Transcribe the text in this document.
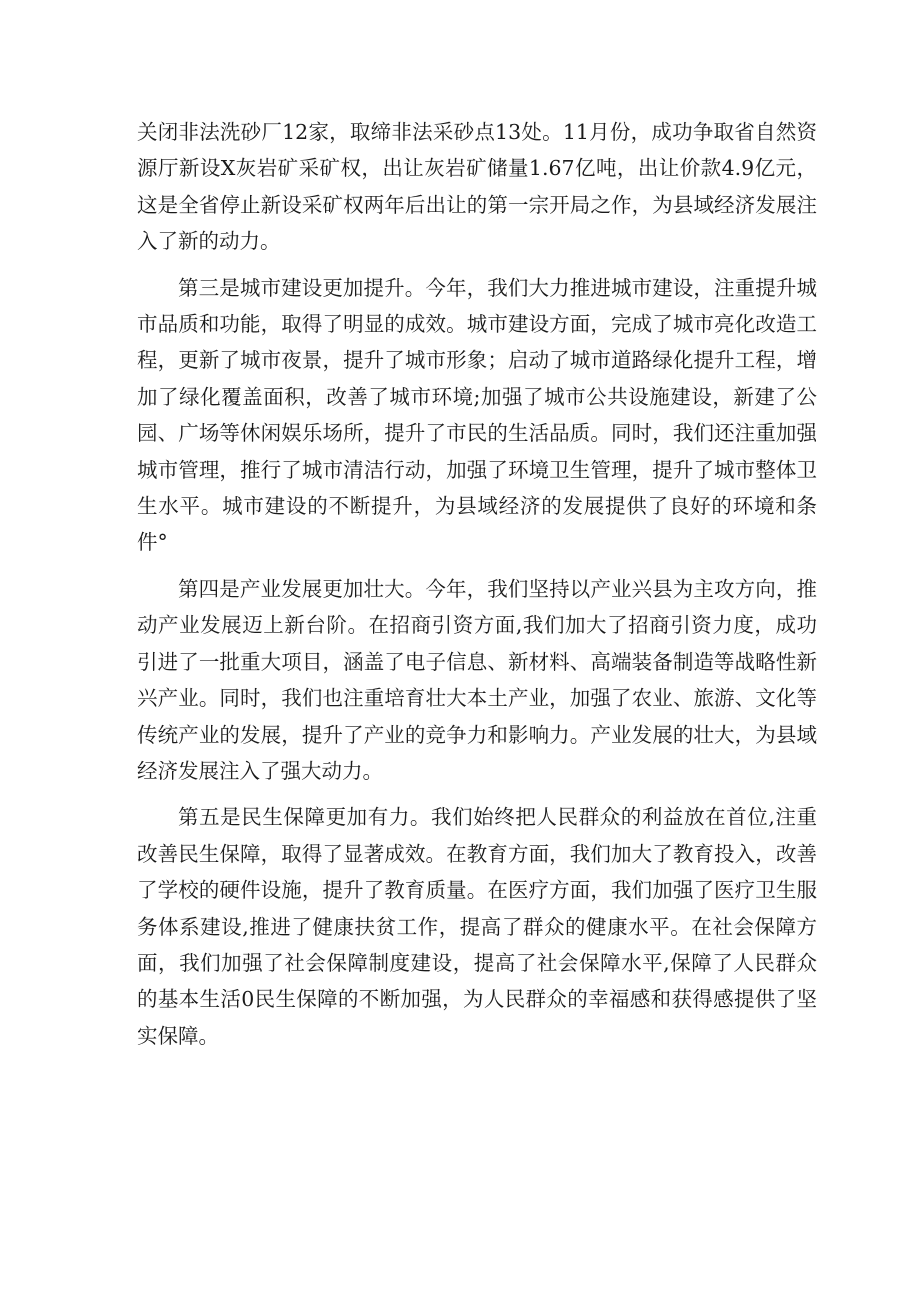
关闭非法洗砂厂12家，取缔非法采砂点13处。11月份，成功争取省自然资源厅新设X灰岩矿采矿权，出让灰岩矿储量1.67亿吨，出让价款4.9亿元，这是全省停止新设采矿权两年后出让的第一宗开局之作，为县域经济发展注入了新的动力。

第三是城市建设更加提升。今年，我们大力推进城市建设，注重提升城市品质和功能，取得了明显的成效。城市建设方面，完成了城市亮化改造工程，更新了城市夜景，提升了城市形象；启动了城市道路绿化提升工程，增加了绿化覆盖面积，改善了城市环境;加强了城市公共设施建设，新建了公园、广场等休闲娱乐场所，提升了市民的生活品质。同时，我们还注重加强城市管理，推行了城市清洁行动，加强了环境卫生管理，提升了城市整体卫生水平。城市建设的不断提升，为县域经济的发展提供了良好的环境和条件°

第四是产业发展更加壮大。今年，我们坚持以产业兴县为主攻方向，推动产业发展迈上新台阶。在招商引资方面,我们加大了招商引资力度，成功引进了一批重大项目，涵盖了电子信息、新材料、高端装备制造等战略性新兴产业。同时，我们也注重培育壮大本土产业，加强了农业、旅游、文化等传统产业的发展，提升了产业的竞争力和影响力。产业发展的壮大，为县域经济发展注入了强大动力。

第五是民生保障更加有力。我们始终把人民群众的利益放在首位,注重改善民生保障，取得了显著成效。在教育方面，我们加大了教育投入，改善了学校的硬件设施，提升了教育质量。在医疗方面，我们加强了医疗卫生服务体系建设,推进了健康扶贫工作，提高了群众的健康水平。在社会保障方面，我们加强了社会保障制度建设，提高了社会保障水平,保障了人民群众的基本生活0民生保障的不断加强，为人民群众的幸福感和获得感提供了坚实保障。
